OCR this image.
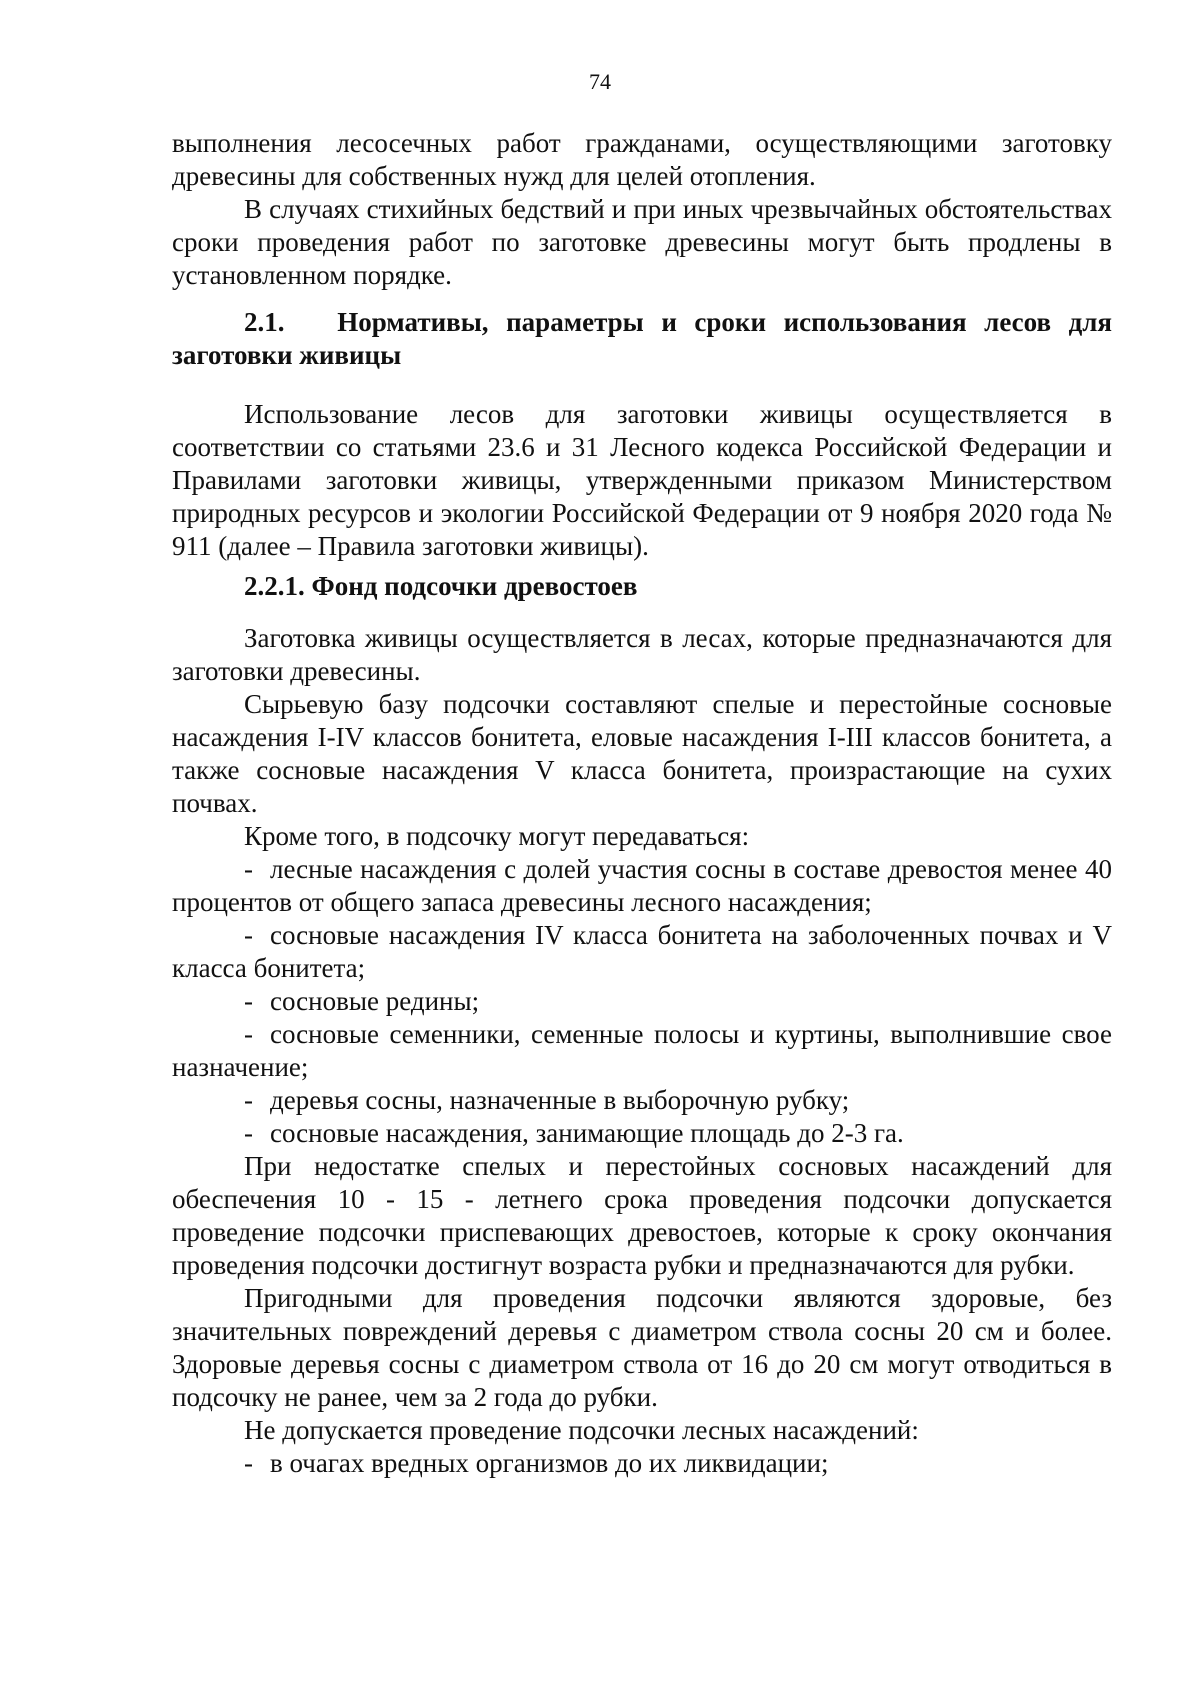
74

выполнения лесосечных работ гражданами, осуществляющими заготовку древесины для собственных нужд для целей отопления.

В случаях стихийных бедствий и при иных чрезвычайных обстоятельствах сроки проведения работ по заготовке древесины могут быть продлены в установленном порядке.

2.1. Нормативы, параметры и сроки использования лесов для заготовки живицы

Использование лесов для заготовки живицы осуществляется в соответствии со статьями 23.6 и 31 Лесного кодекса Российской Федерации и Правилами заготовки живицы, утвержденными приказом Министерством природных ресурсов и экологии Российской Федерации от 9 ноября 2020 года № 911 (далее – Правила заготовки живицы).

2.2.1. Фонд подсочки древостоев

Заготовка живицы осуществляется в лесах, которые предназначаются для заготовки древесины.

Сырьевую базу подсочки составляют спелые и перестойные сосновые насаждения I-IV классов бонитета, еловые насаждения I-III классов бонитета, а также сосновые насаждения V класса бонитета, произрастающие на сухих почвах.

Кроме того, в подсочку могут передаваться:

- лесные насаждения с долей участия сосны в составе древостоя менее 40 процентов от общего запаса древесины лесного насаждения;

- сосновые насаждения IV класса бонитета на заболоченных почвах и V класса бонитета;

- сосновые редины;

- сосновые семенники, семенные полосы и куртины, выполнившие свое назначение;

- деревья сосны, назначенные в выборочную рубку;

- сосновые насаждения, занимающие площадь до 2-3 га.

При недостатке спелых и перестойных сосновых насаждений для обеспечения 10 - 15 - летнего срока проведения подсочки допускается проведение подсочки приспевающих древостоев, которые к сроку окончания проведения подсочки достигнут возраста рубки и предназначаются для рубки.

Пригодными для проведения подсочки являются здоровые, без значительных повреждений деревья с диаметром ствола сосны 20 см и более. Здоровые деревья сосны с диаметром ствола от 16 до 20 см могут отводиться в подсочку не ранее, чем за 2 года до рубки.

Не допускается проведение подсочки лесных насаждений:

- в очагах вредных организмов до их ликвидации;
